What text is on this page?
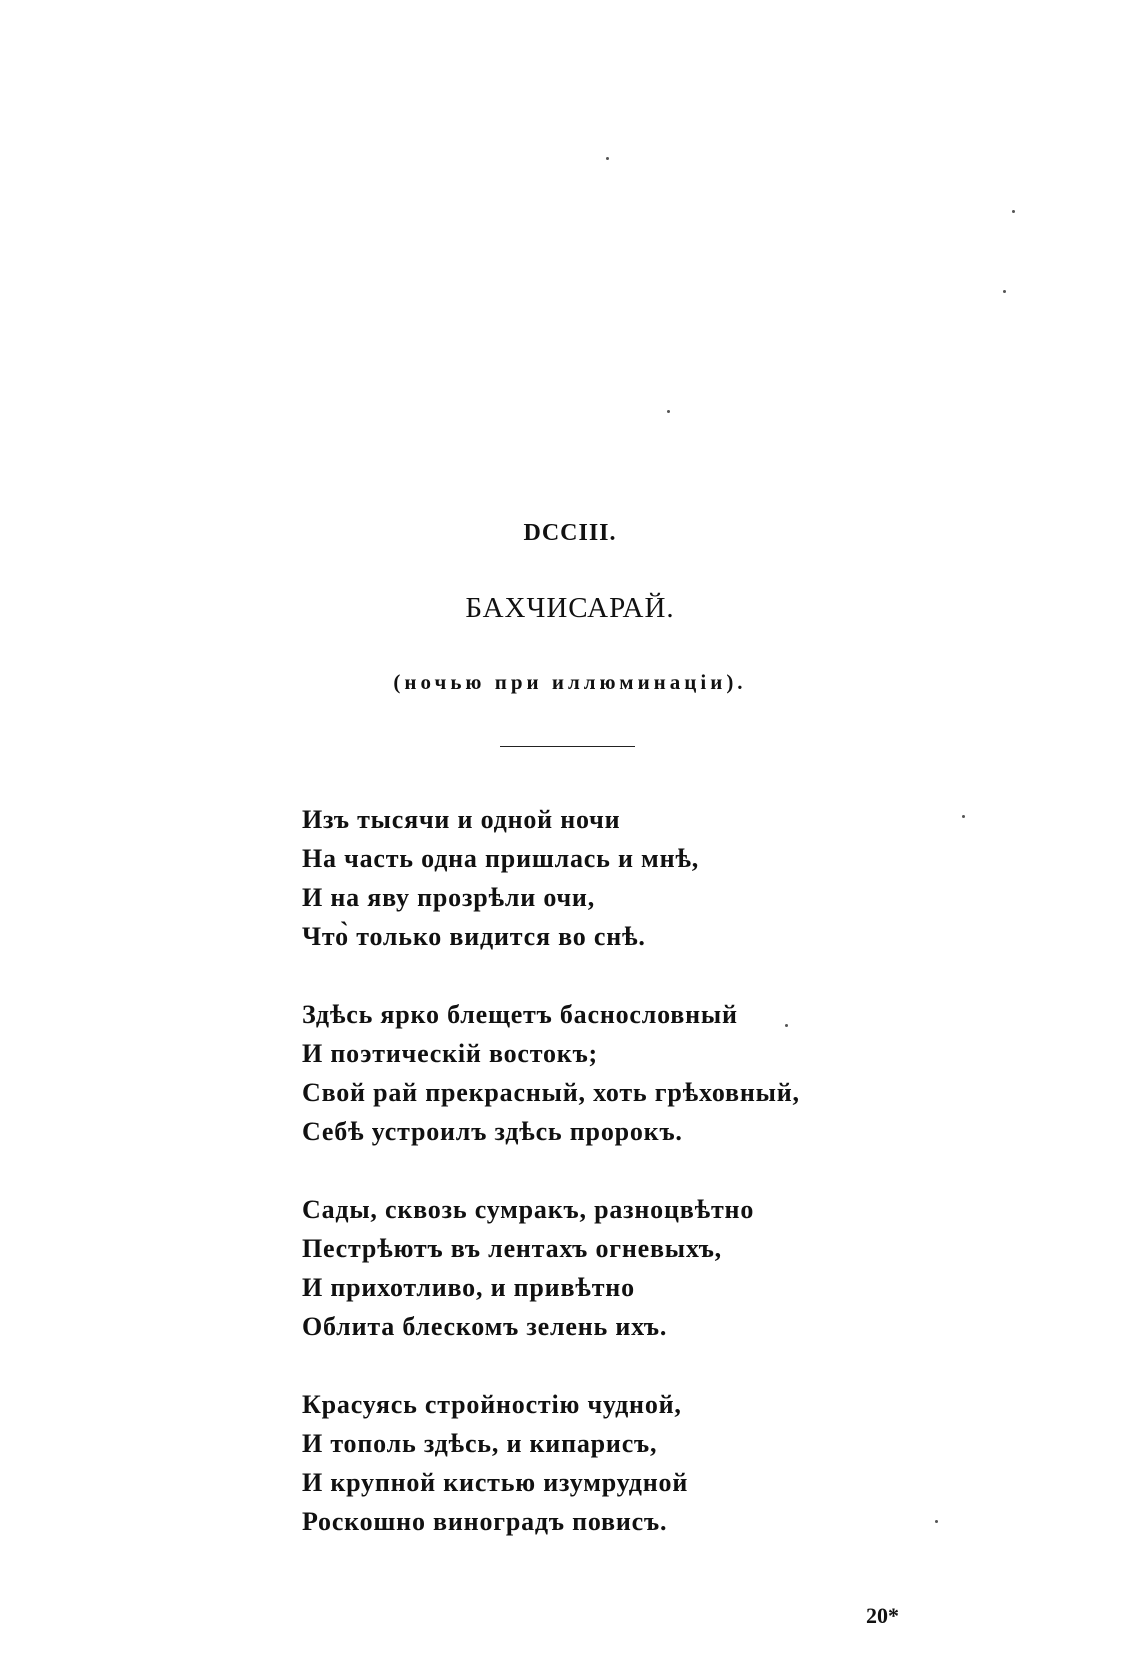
DCCIII.
БАХЧИСАРАЙ.

(ночью при иллюминаціи).

Изъ тысячи и одной ночи
На часть одна пришлась и мнѣ,
И на яву прозрѣли очи,
Что̀ только видится во снѣ.

Здѣсь ярко блещетъ баснословный
И поэтическій востокъ;
Свой рай прекрасный, хоть грѣховный,
Себѣ устроилъ здѣсь пророкъ.

Сады, сквозь сумракъ, разноцвѣтно
Пестрѣютъ въ лентахъ огневыхъ,
И прихотливо, и привѣтно
Облита блескомъ зелень ихъ.

Красуясь стройностію чудной,
И тополь здѣсь, и кипарисъ,
И крупной кистью изумрудной
Роскошно виноградъ повисъ.

20*
